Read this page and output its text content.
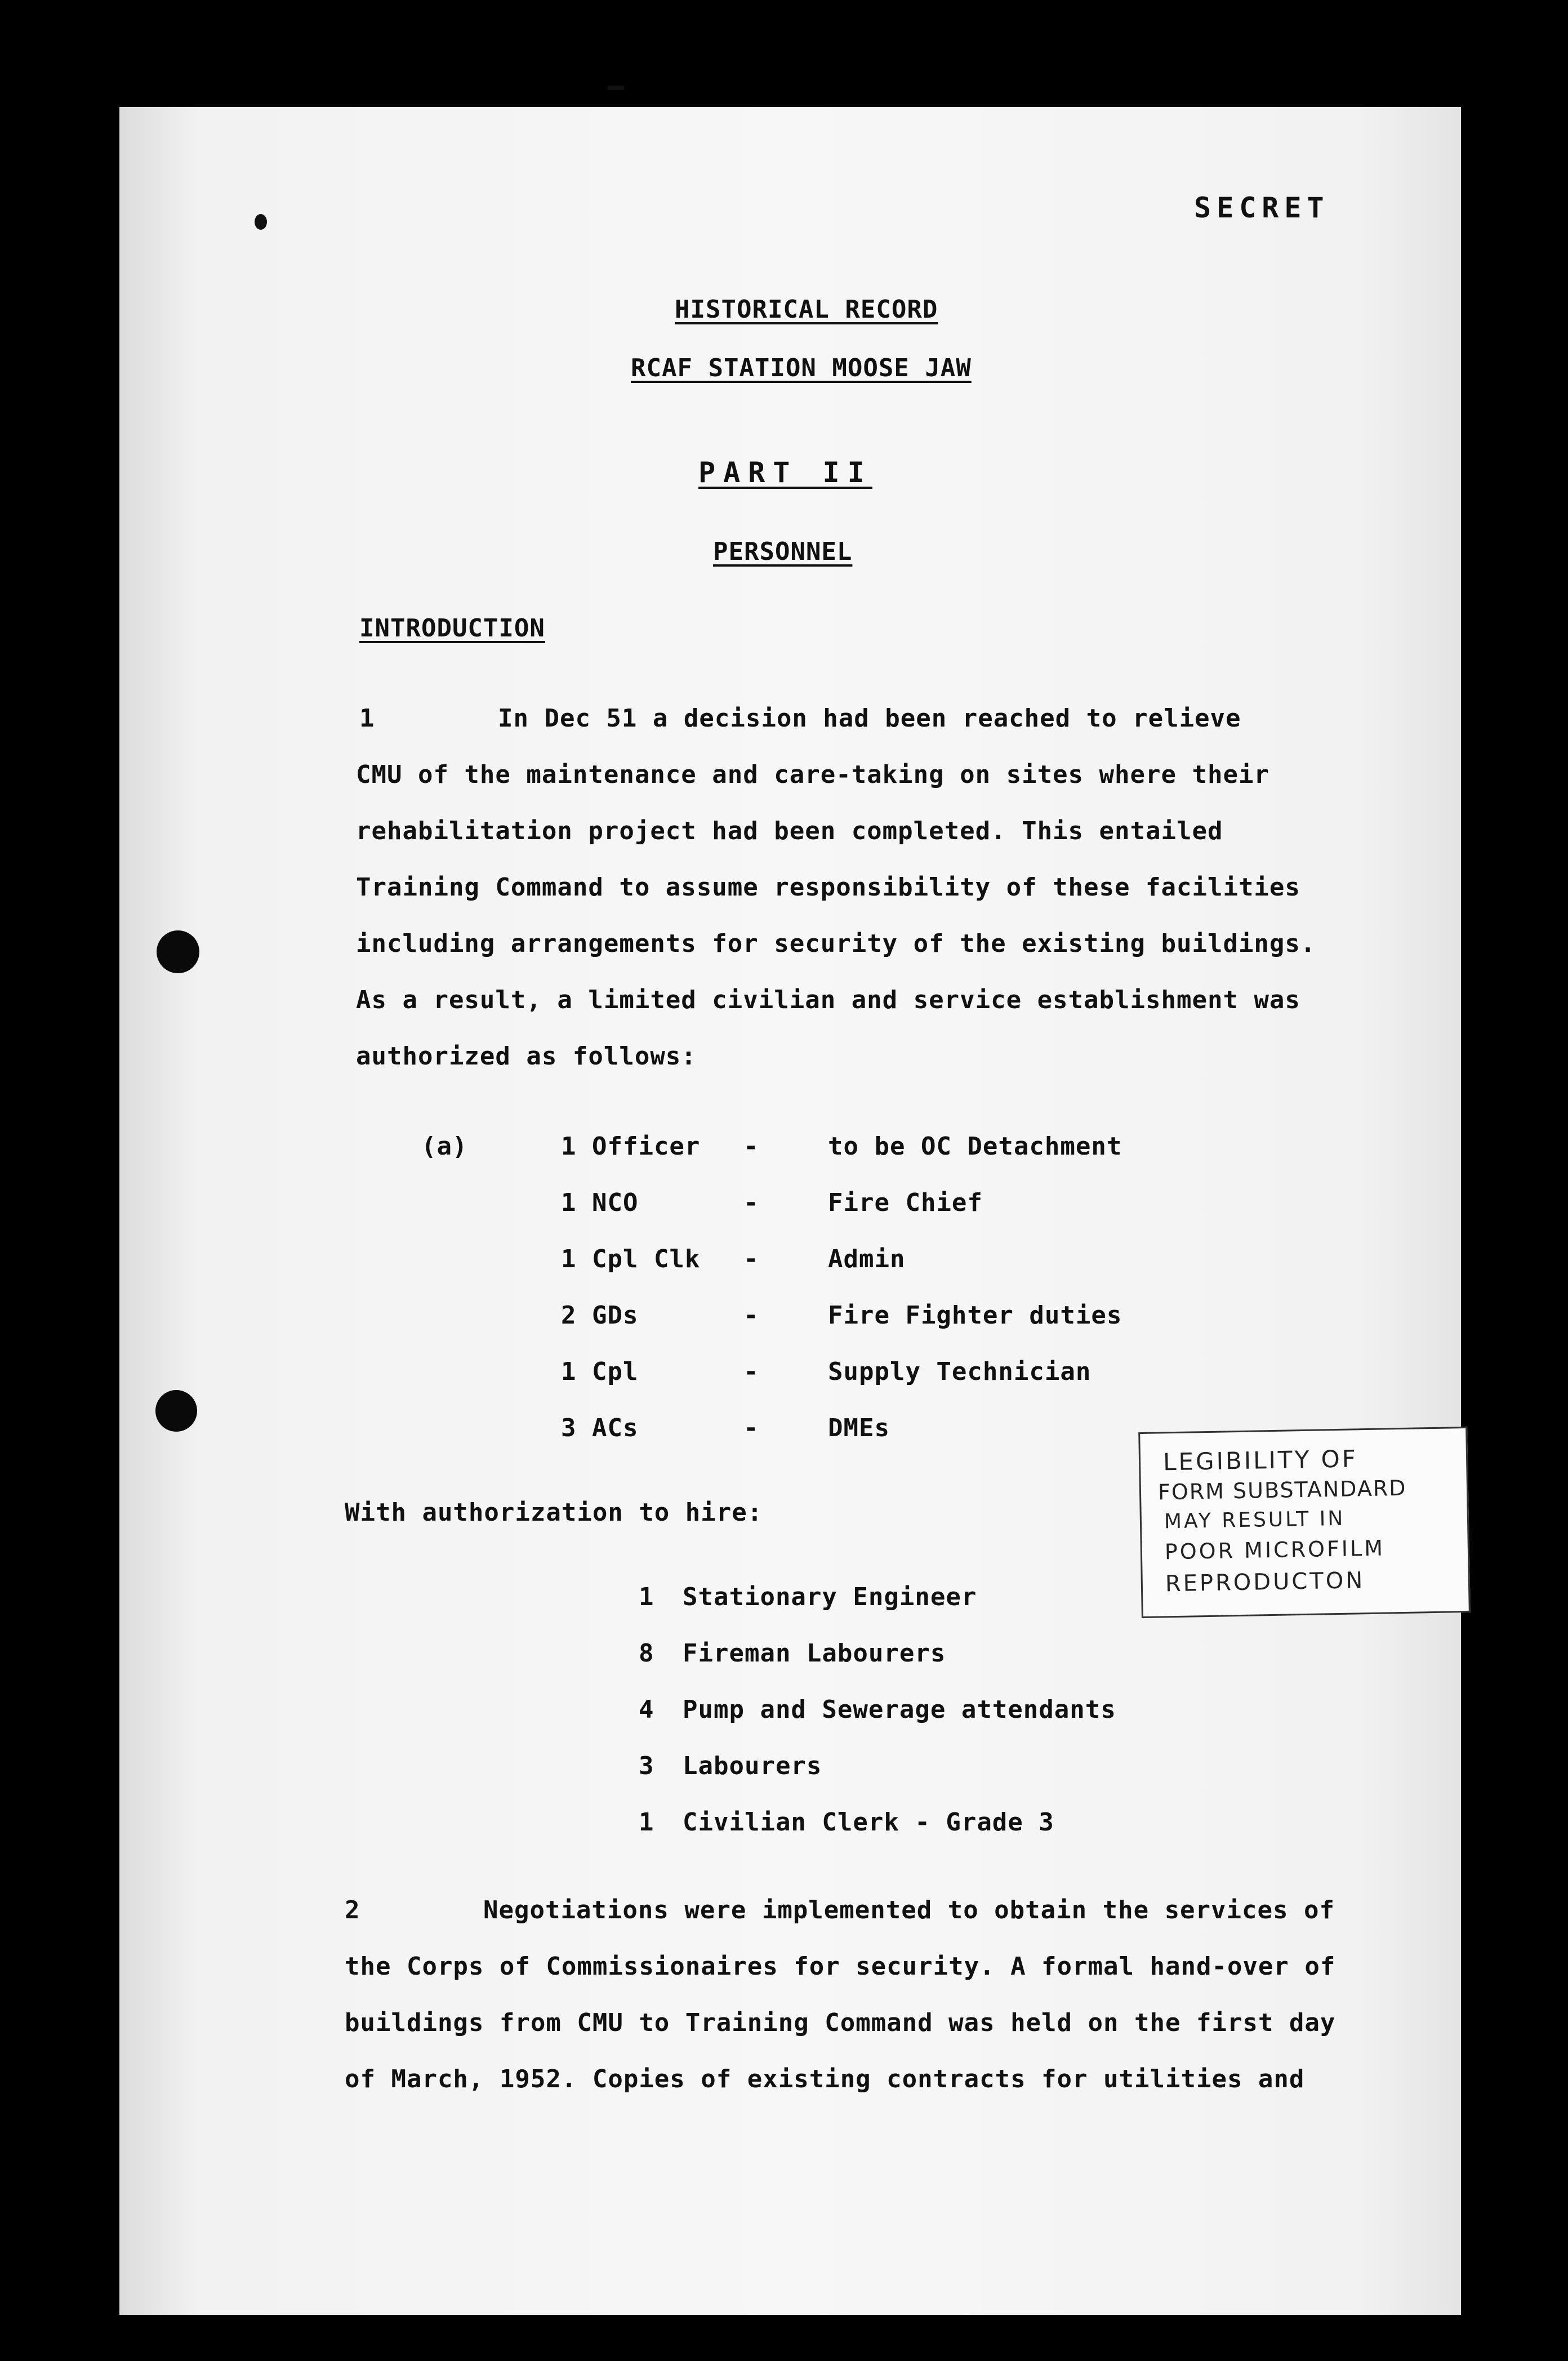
SECRET
HISTORICAL RECORD
RCAF STATION MOOSE JAW
PART II
PERSONNEL
INTRODUCTION
1	In Dec 51 a decision had been reached to relieve
CMU of the maintenance and care-taking on sites where their
rehabilitation project had been completed. This entailed
Training Command to assume responsibility of these facilities
including arrangements for security of the existing buildings.
As a result, a limited civilian and service establishment was
authorized as follows:
(a)	1 Officer -	to be OC Detachment
1 NCO	-	Fire Chief
1 Cpl Clk -	Admin
2 GDs	-	Fire Fighter duties
1 Cpl	-	Supply Technician
3 ACs	-	DMEs
With authorization to hire:
1 Stationary Engineer
8 Fireman Labourers
4 Pump and Sewerage attendants
3 Labourers
1 Civilian Clerk - Grade 3
2	Negotiations were implemented to obtain the services of
the Corps of Commissionaires for security. A formal hand-over of
buildings from CMU to Training Command was held on the first day
of March, 1952. Copies of existing contracts for utilities and
LEGIBILITY OF
FORM SUBSTANDARD
MAY RESULT IN
POOR MICROFILM
REPRODUCTON
